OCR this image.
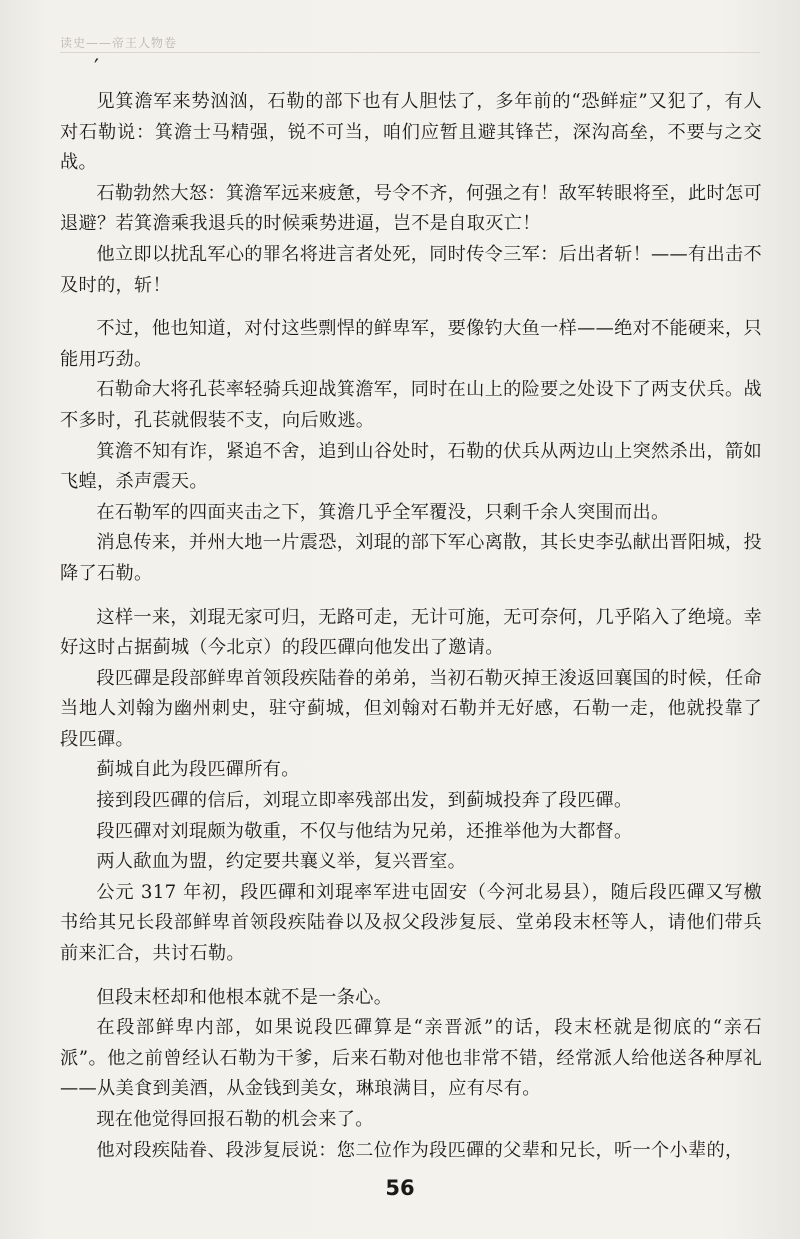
读史——帝王人物卷
′

见箕澹军来势汹汹，石勒的部下也有人胆怯了，多年前的“恐鲜症”又犯了，有人对石勒说：箕澹士马精强，锐不可当，咱们应暂且避其锋芒，深沟高垒，不要与之交战。

石勒勃然大怒：箕澹军远来疲惫，号令不齐，何强之有！敌军转眼将至，此时怎可退避？若箕澹乘我退兵的时候乘势进逼，岂不是自取灭亡！

他立即以扰乱军心的罪名将进言者处死，同时传令三军：后出者斩！——有出击不及时的，斩！

不过，他也知道，对付这些剽悍的鲜卑军，要像钓大鱼一样——绝对不能硬来，只能用巧劲。

石勒命大将孔苌率轻骑兵迎战箕澹军，同时在山上的险要之处设下了两支伏兵。战不多时，孔苌就假装不支，向后败逃。

箕澹不知有诈，紧追不舍，追到山谷处时，石勒的伏兵从两边山上突然杀出，箭如飞蝗，杀声震天。

在石勒军的四面夹击之下，箕澹几乎全军覆没，只剩千余人突围而出。

消息传来，并州大地一片震恐，刘琨的部下军心离散，其长史李弘献出晋阳城，投降了石勒。

这样一来，刘琨无家可归，无路可走，无计可施，无可奈何，几乎陷入了绝境。幸好这时占据蓟城（今北京）的段匹磾向他发出了邀请。

段匹磾是段部鲜卑首领段疾陆眷的弟弟，当初石勒灭掉王浚返回襄国的时候，任命当地人刘翰为幽州刺史，驻守蓟城，但刘翰对石勒并无好感，石勒一走，他就投靠了段匹磾。

蓟城自此为段匹磾所有。

接到段匹磾的信后，刘琨立即率残部出发，到蓟城投奔了段匹磾。

段匹磾对刘琨颇为敬重，不仅与他结为兄弟，还推举他为大都督。

两人歃血为盟，约定要共襄义举，复兴晋室。

公元 317 年初，段匹磾和刘琨率军进屯固安（今河北易县），随后段匹磾又写檄书给其兄长段部鲜卑首领段疾陆眷以及叔父段涉复辰、堂弟段末柸等人，请他们带兵前来汇合，共讨石勒。

但段末柸却和他根本就不是一条心。

在段部鲜卑内部，如果说段匹磾算是“亲晋派”的话，段末柸就是彻底的“亲石派”。他之前曾经认石勒为干爹，后来石勒对他也非常不错，经常派人给他送各种厚礼——从美食到美酒，从金钱到美女，琳琅满目，应有尽有。

现在他觉得回报石勒的机会来了。

他对段疾陆眷、段涉复辰说：您二位作为段匹磾的父辈和兄长，听一个小辈的，

56
